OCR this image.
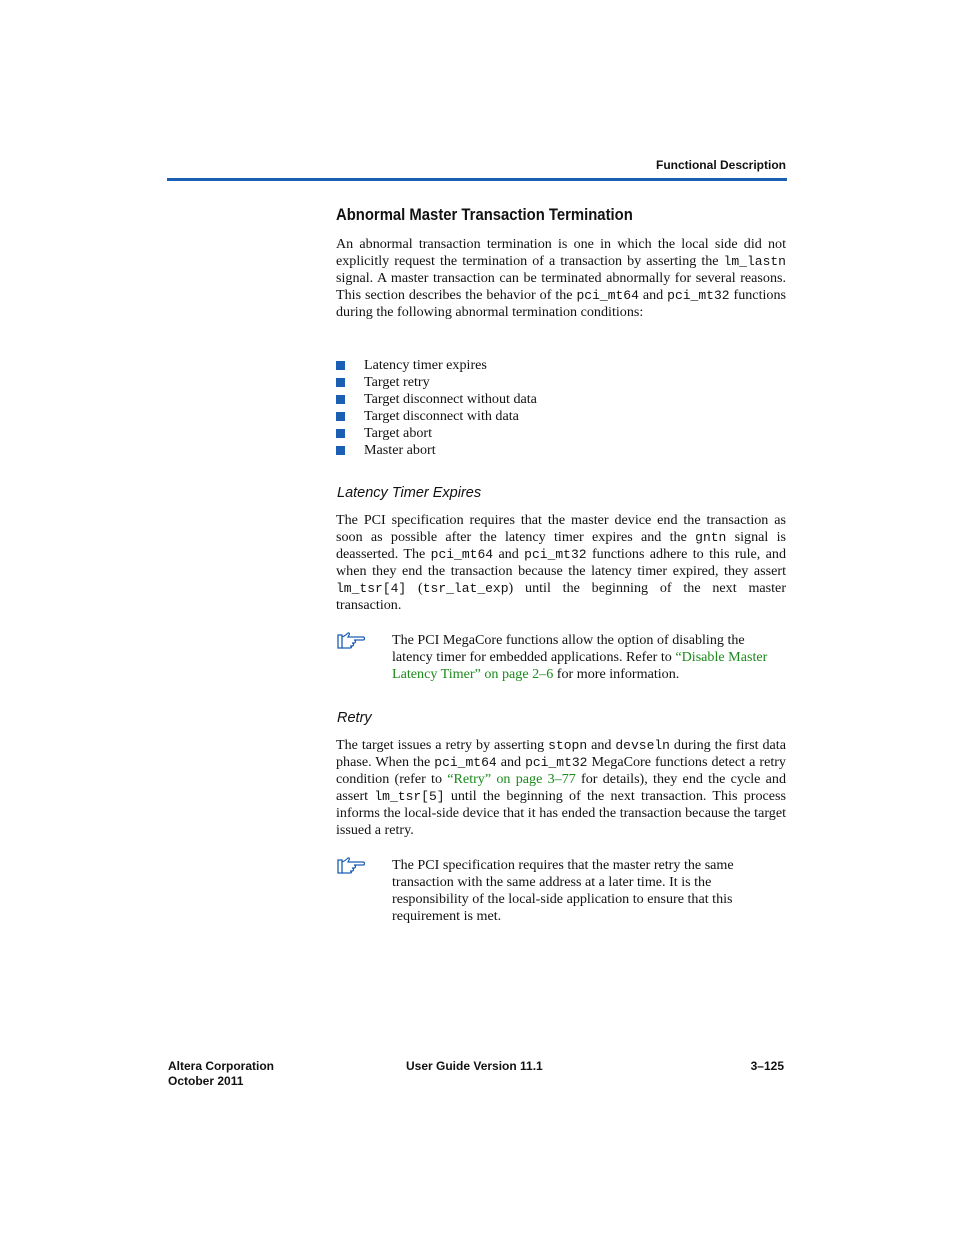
Functional Description
Abnormal Master Transaction Termination

An abnormal transaction termination is one in which the local side did not explicitly request the termination of a transaction by asserting the lm_lastn signal. A master transaction can be terminated abnormally for several reasons. This section describes the behavior of the pci_mt64 and pci_mt32 functions during the following abnormal termination conditions:

Latency timer expires
Target retry
Target disconnect without data
Target disconnect with data
Target abort
Master abort
Latency Timer Expires

The PCI specification requires that the master device end the transaction as soon as possible after the latency timer expires and the gntn signal is deasserted. The pci_mt64 and pci_mt32 functions adhere to this rule, and when they end the transaction because the latency timer expired, they assert lm_tsr[4] (tsr_lat_exp) until the beginning of the next master transaction.

The PCI MegaCore functions allow the option of disabling the latency timer for embedded applications. Refer to “Disable Master Latency Timer” on page 2–6 for more information.

Retry

The target issues a retry by asserting stopn and devseln during the first data phase. When the pci_mt64 and pci_mt32 MegaCore functions detect a retry condition (refer to “Retry” on page 3–77 for details), they end the cycle and assert lm_tsr[5] until the beginning of the next transaction. This process informs the local-side device that it has ended the transaction because the target issued a retry.

The PCI specification requires that the master retry the same transaction with the same address at a later time. It is the responsibility of the local-side application to ensure that this requirement is met.

Altera Corporation
October 2011
User Guide Version 11.1	3–125
